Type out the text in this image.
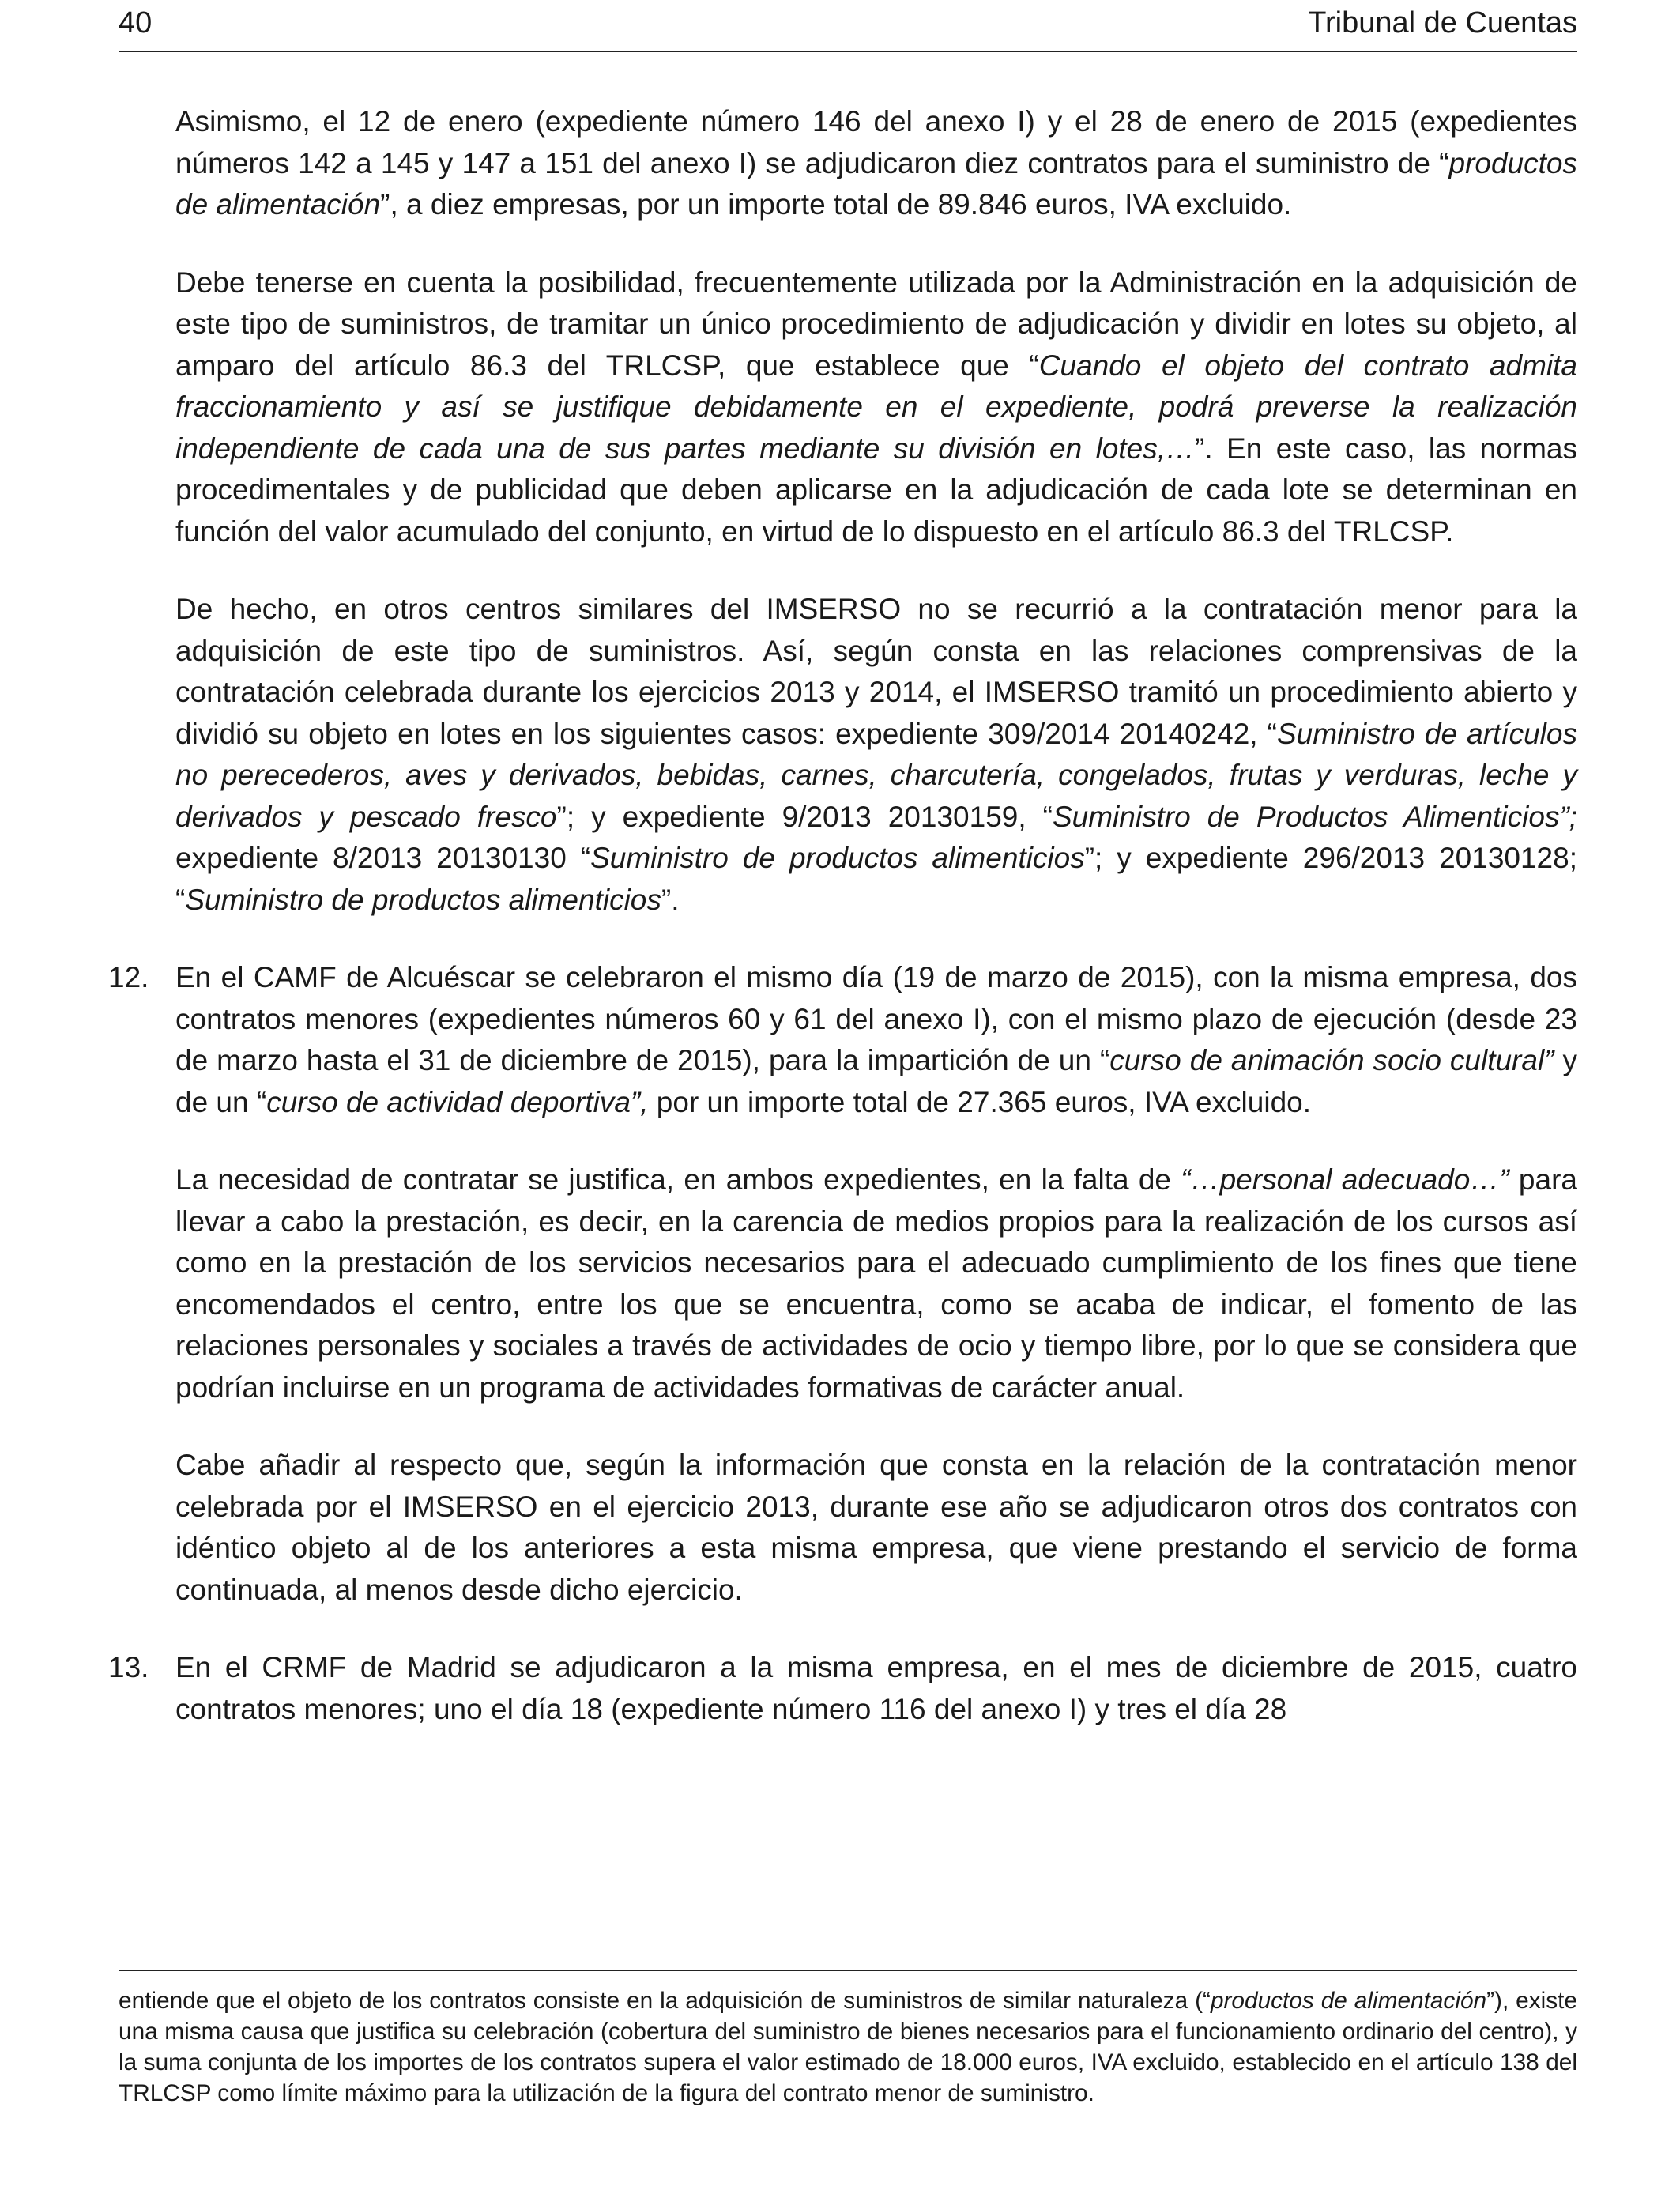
40	Tribunal de Cuentas

Asimismo, el 12 de enero (expediente número 146 del anexo I) y el 28 de enero de 2015 (expedientes números 142 a 145 y 147 a 151 del anexo I) se adjudicaron diez contratos para el suministro de “productos de alimentación”, a diez empresas, por un importe total de 89.846 euros, IVA excluido.

Debe tenerse en cuenta la posibilidad, frecuentemente utilizada por la Administración en la adquisición de este tipo de suministros, de tramitar un único procedimiento de adjudicación y dividir en lotes su objeto, al amparo del artículo 86.3 del TRLCSP, que establece que “Cuando el objeto del contrato admita fraccionamiento y así se justifique debidamente en el expediente, podrá preverse la realización independiente de cada una de sus partes mediante su división en lotes,…”. En este caso, las normas procedimentales y de publicidad que deben aplicarse en la adjudicación de cada lote se determinan en función del valor acumulado del conjunto, en virtud de lo dispuesto en el artículo 86.3 del TRLCSP.

De hecho, en otros centros similares del IMSERSO no se recurrió a la contratación menor para la adquisición de este tipo de suministros. Así, según consta en las relaciones comprensivas de la contratación celebrada durante los ejercicios 2013 y 2014, el IMSERSO tramitó un procedimiento abierto y dividió su objeto en lotes en los siguientes casos: expediente 309/2014 20140242, “Suministro de artículos no perecederos, aves y derivados, bebidas, carnes, charcutería, congelados, frutas y verduras, leche y derivados y pescado fresco”; y expediente 9/2013 20130159, “Suministro de Productos Alimenticios”; expediente 8/2013 20130130 “Suministro de productos alimenticios”; y expediente 296/2013 20130128; “Suministro de productos alimenticios”.

12. En el CAMF de Alcuéscar se celebraron el mismo día (19 de marzo de 2015), con la misma empresa, dos contratos menores (expedientes números 60 y 61 del anexo I), con el mismo plazo de ejecución (desde 23 de marzo hasta el 31 de diciembre de 2015), para la impartición de un “curso de animación socio cultural” y de un “curso de actividad deportiva”, por un importe total de 27.365 euros, IVA excluido.

La necesidad de contratar se justifica, en ambos expedientes, en la falta de “…personal adecuado…” para llevar a cabo la prestación, es decir, en la carencia de medios propios para la realización de los cursos así como en la prestación de los servicios necesarios para el adecuado cumplimiento de los fines que tiene encomendados el centro, entre los que se encuentra, como se acaba de indicar, el fomento de las relaciones personales y sociales a través de actividades de ocio y tiempo libre, por lo que se considera que podrían incluirse en un programa de actividades formativas de carácter anual.

Cabe añadir al respecto que, según la información que consta en la relación de la contratación menor celebrada por el IMSERSO en el ejercicio 2013, durante ese año se adjudicaron otros dos contratos con idéntico objeto al de los anteriores a esta misma empresa, que viene prestando el servicio de forma continuada, al menos desde dicho ejercicio.

13. En el CRMF de Madrid se adjudicaron a la misma empresa, en el mes de diciembre de 2015, cuatro contratos menores; uno el día 18 (expediente número 116 del anexo I) y tres el día 28

entiende que el objeto de los contratos consiste en la adquisición de suministros de similar naturaleza (“productos de alimentación”), existe una misma causa que justifica su celebración (cobertura del suministro de bienes necesarios para el funcionamiento ordinario del centro), y la suma conjunta de los importes de los contratos supera el valor estimado de 18.000 euros, IVA excluido, establecido en el artículo 138 del TRLCSP como límite máximo para la utilización de la figura del contrato menor de suministro.
